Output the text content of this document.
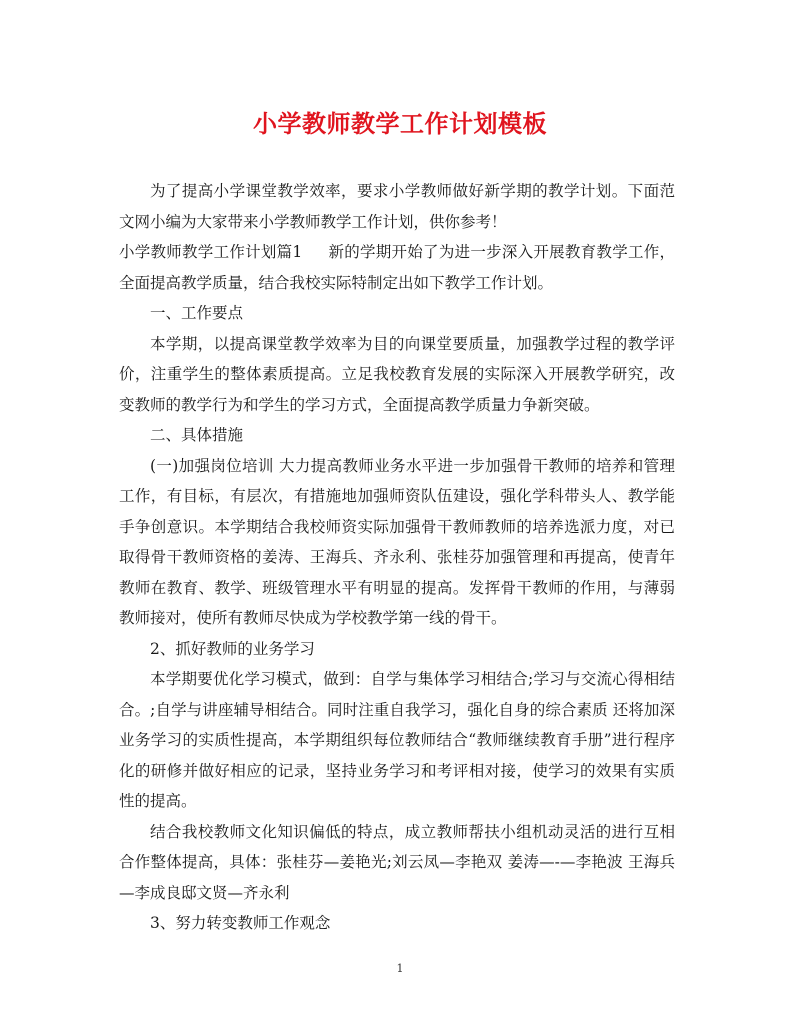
小学教师教学工作计划模板

为了提高小学课堂教学效率，要求小学教师做好新学期的教学计划。下面范文网小编为大家带来小学教师教学工作计划，供你参考！

小学教师教学工作计划篇1 新的学期开始了为进一步深入开展教育教学工作，全面提高教学质量，结合我校实际特制定出如下教学工作计划。

一、工作要点

本学期，以提高课堂教学效率为目的向课堂要质量，加强教学过程的教学评价，注重学生的整体素质提高。立足我校教育发展的实际深入开展教学研究，改变教师的教学行为和学生的学习方式，全面提高教学质量力争新突破。

二、具体措施

(一)加强岗位培训 大力提高教师业务水平进一步加强骨干教师的培养和管理工作，有目标，有层次，有措施地加强师资队伍建设，强化学科带头人、教学能手争创意识。本学期结合我校师资实际加强骨干教师教师的培养选派力度，对已取得骨干教师资格的姜涛、王海兵、齐永利、张桂芬加强管理和再提高，使青年教师在教育、教学、班级管理水平有明显的提高。发挥骨干教师的作用，与薄弱教师接对，使所有教师尽快成为学校教学第一线的骨干。

2、抓好教师的业务学习

本学期要优化学习模式，做到：自学与集体学习相结合;学习与交流心得相结合。;自学与讲座辅导相结合。同时注重自我学习，强化自身的综合素质 还将加深业务学习的实质性提高，本学期组织每位教师结合“教师继续教育手册”进行程序化的研修并做好相应的记录，坚持业务学习和考评相对接，使学习的效果有实质性的提高。

结合我校教师文化知识偏低的特点，成立教师帮扶小组机动灵活的进行互相合作整体提高，具体：张桂芬—姜艳光;刘云凤—李艳双 姜涛—-—李艳波 王海兵—李成良邸文贤—齐永利

3、努力转变教师工作观念

1
